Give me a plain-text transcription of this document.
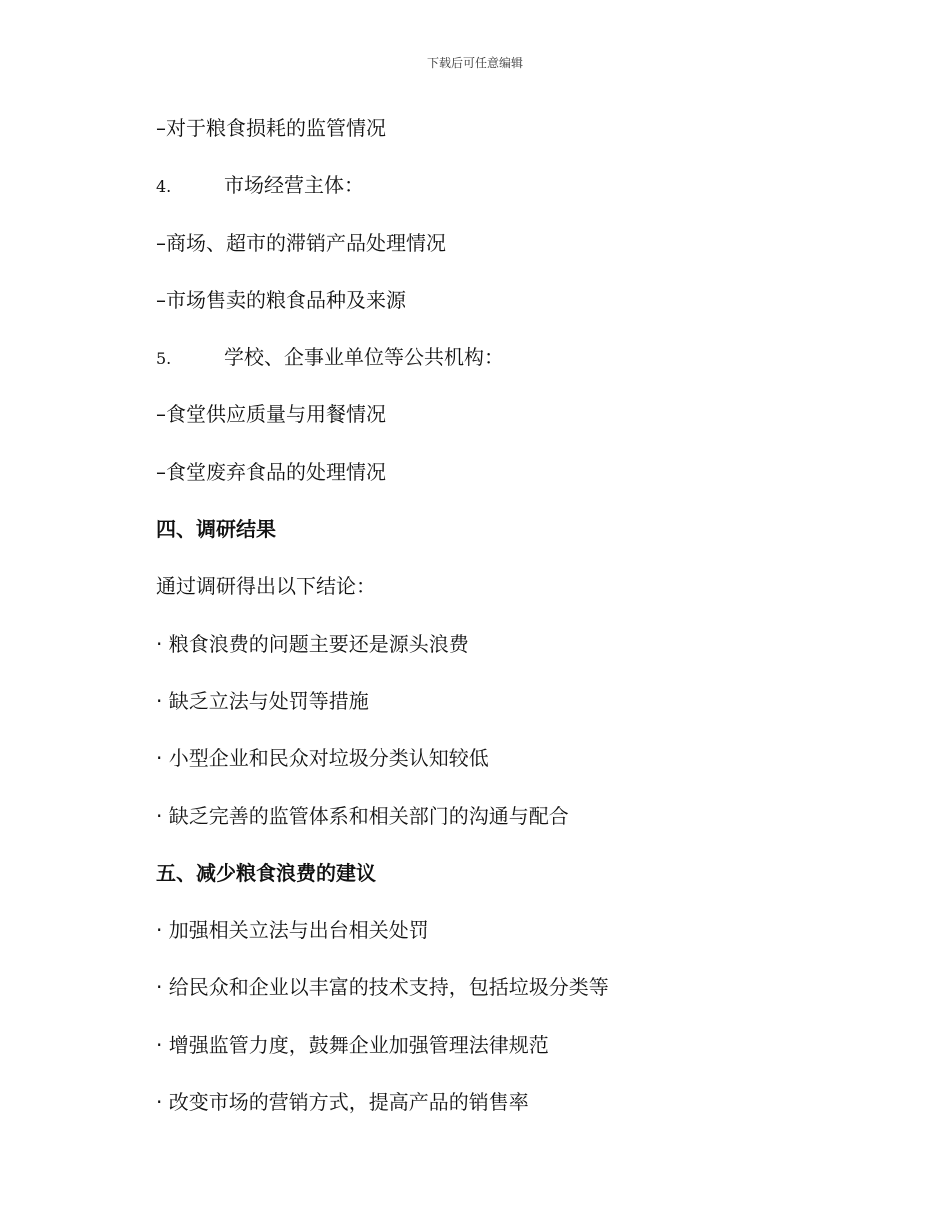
下载后可任意编辑
–对于粮食损耗的监管情况
4.	市场经营主体：
–商场、超市的滞销产品处理情况
–市场售卖的粮食品种及来源
5.	学校、企事业单位等公共机构：
–食堂供应质量与用餐情况
–食堂废弃食品的处理情况
四、调研结果
通过调研得出以下结论：
· 粮食浪费的问题主要还是源头浪费
· 缺乏立法与处罚等措施
· 小型企业和民众对垃圾分类认知较低
· 缺乏完善的监管体系和相关部门的沟通与配合
五、减少粮食浪费的建议
· 加强相关立法与出台相关处罚
· 给民众和企业以丰富的技术支持，包括垃圾分类等
· 增强监管力度，鼓舞企业加强管理法律规范
· 改变市场的营销方式，提高产品的销售率
